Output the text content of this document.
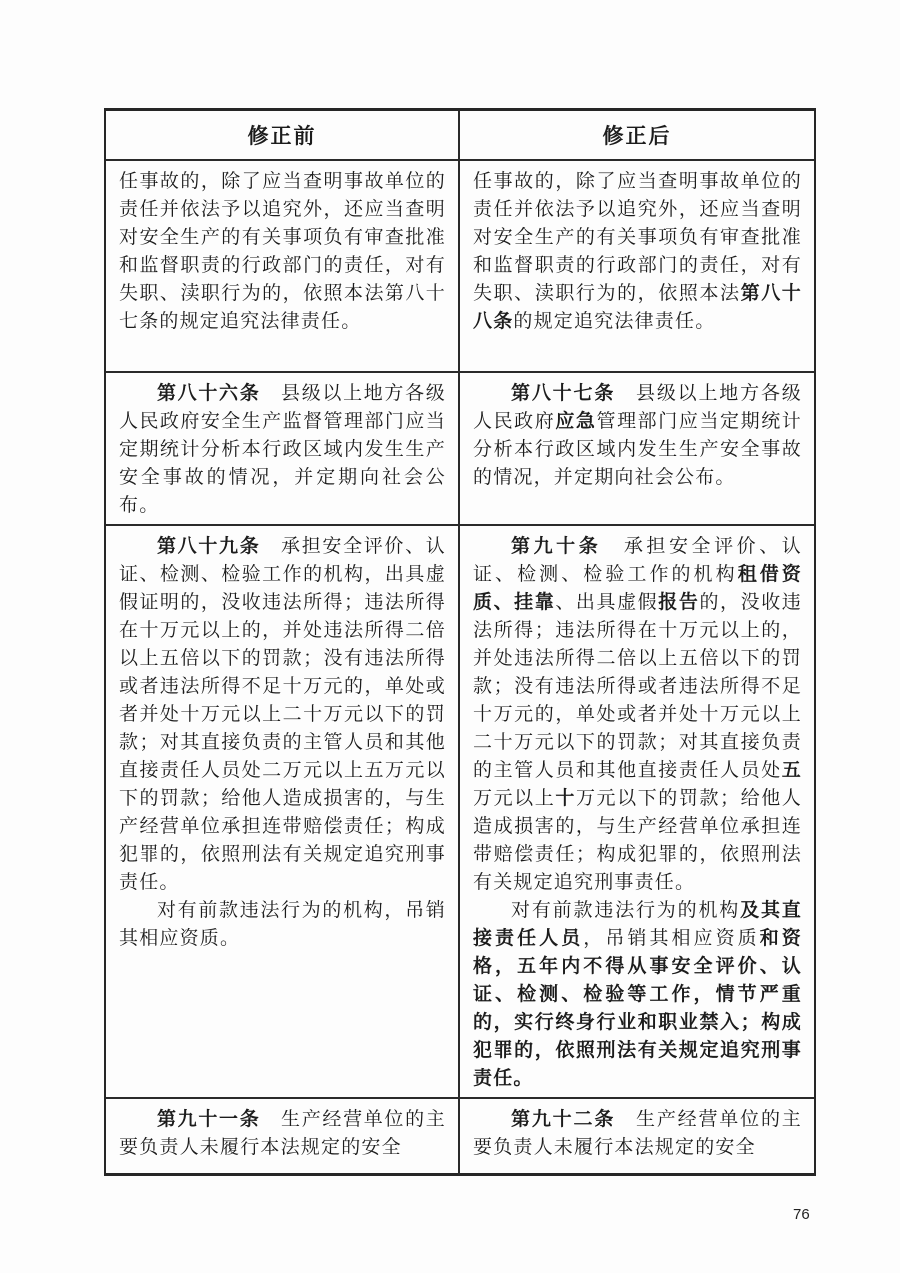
修正前	修正后

任事故的，除了应当查明事故单位的责任并依法予以追究外，还应当查明对安全生产的有关事项负有审查批准和监督职责的行政部门的责任，对有失职、渎职行为的，依照本法第八十七条的规定追究法律责任。

任事故的，除了应当查明事故单位的责任并依法予以追究外，还应当查明对安全生产的有关事项负有审查批准和监督职责的行政部门的责任，对有失职、渎职行为的，依照本法第八十八条的规定追究法律责任。

第八十六条　县级以上地方各级人民政府安全生产监督管理部门应当定期统计分析本行政区域内发生生产安全事故的情况，并定期向社会公布。

第八十七条　县级以上地方各级人民政府应急管理部门应当定期统计分析本行政区域内发生生产安全事故的情况，并定期向社会公布。

第八十九条　承担安全评价、认证、检测、检验工作的机构，出具虚假证明的，没收违法所得；违法所得在十万元以上的，并处违法所得二倍以上五倍以下的罚款；没有违法所得或者违法所得不足十万元的，单处或者并处十万元以上二十万元以下的罚款；对其直接负责的主管人员和其他直接责任人员处二万元以上五万元以下的罚款；给他人造成损害的，与生产经营单位承担连带赔偿责任；构成犯罪的，依照刑法有关规定追究刑事责任。

对有前款违法行为的机构，吊销其相应资质。

第九十条　承担安全评价、认证、检测、检验工作的机构租借资质、挂靠、出具虚假报告的，没收违法所得；违法所得在十万元以上的，并处违法所得二倍以上五倍以下的罚款；没有违法所得或者违法所得不足十万元的，单处或者并处十万元以上二十万元以下的罚款；对其直接负责的主管人员和其他直接责任人员处五万元以上十万元以下的罚款；给他人造成损害的，与生产经营单位承担连带赔偿责任；构成犯罪的，依照刑法有关规定追究刑事责任。

对有前款违法行为的机构及其直接责任人员，吊销其相应资质和资格，五年内不得从事安全评价、认证、检测、检验等工作，情节严重的，实行终身行业和职业禁入；构成犯罪的，依照刑法有关规定追究刑事责任。

第九十一条　生产经营单位的主要负责人未履行本法规定的安全

第九十二条　生产经营单位的主要负责人未履行本法规定的安全

76
